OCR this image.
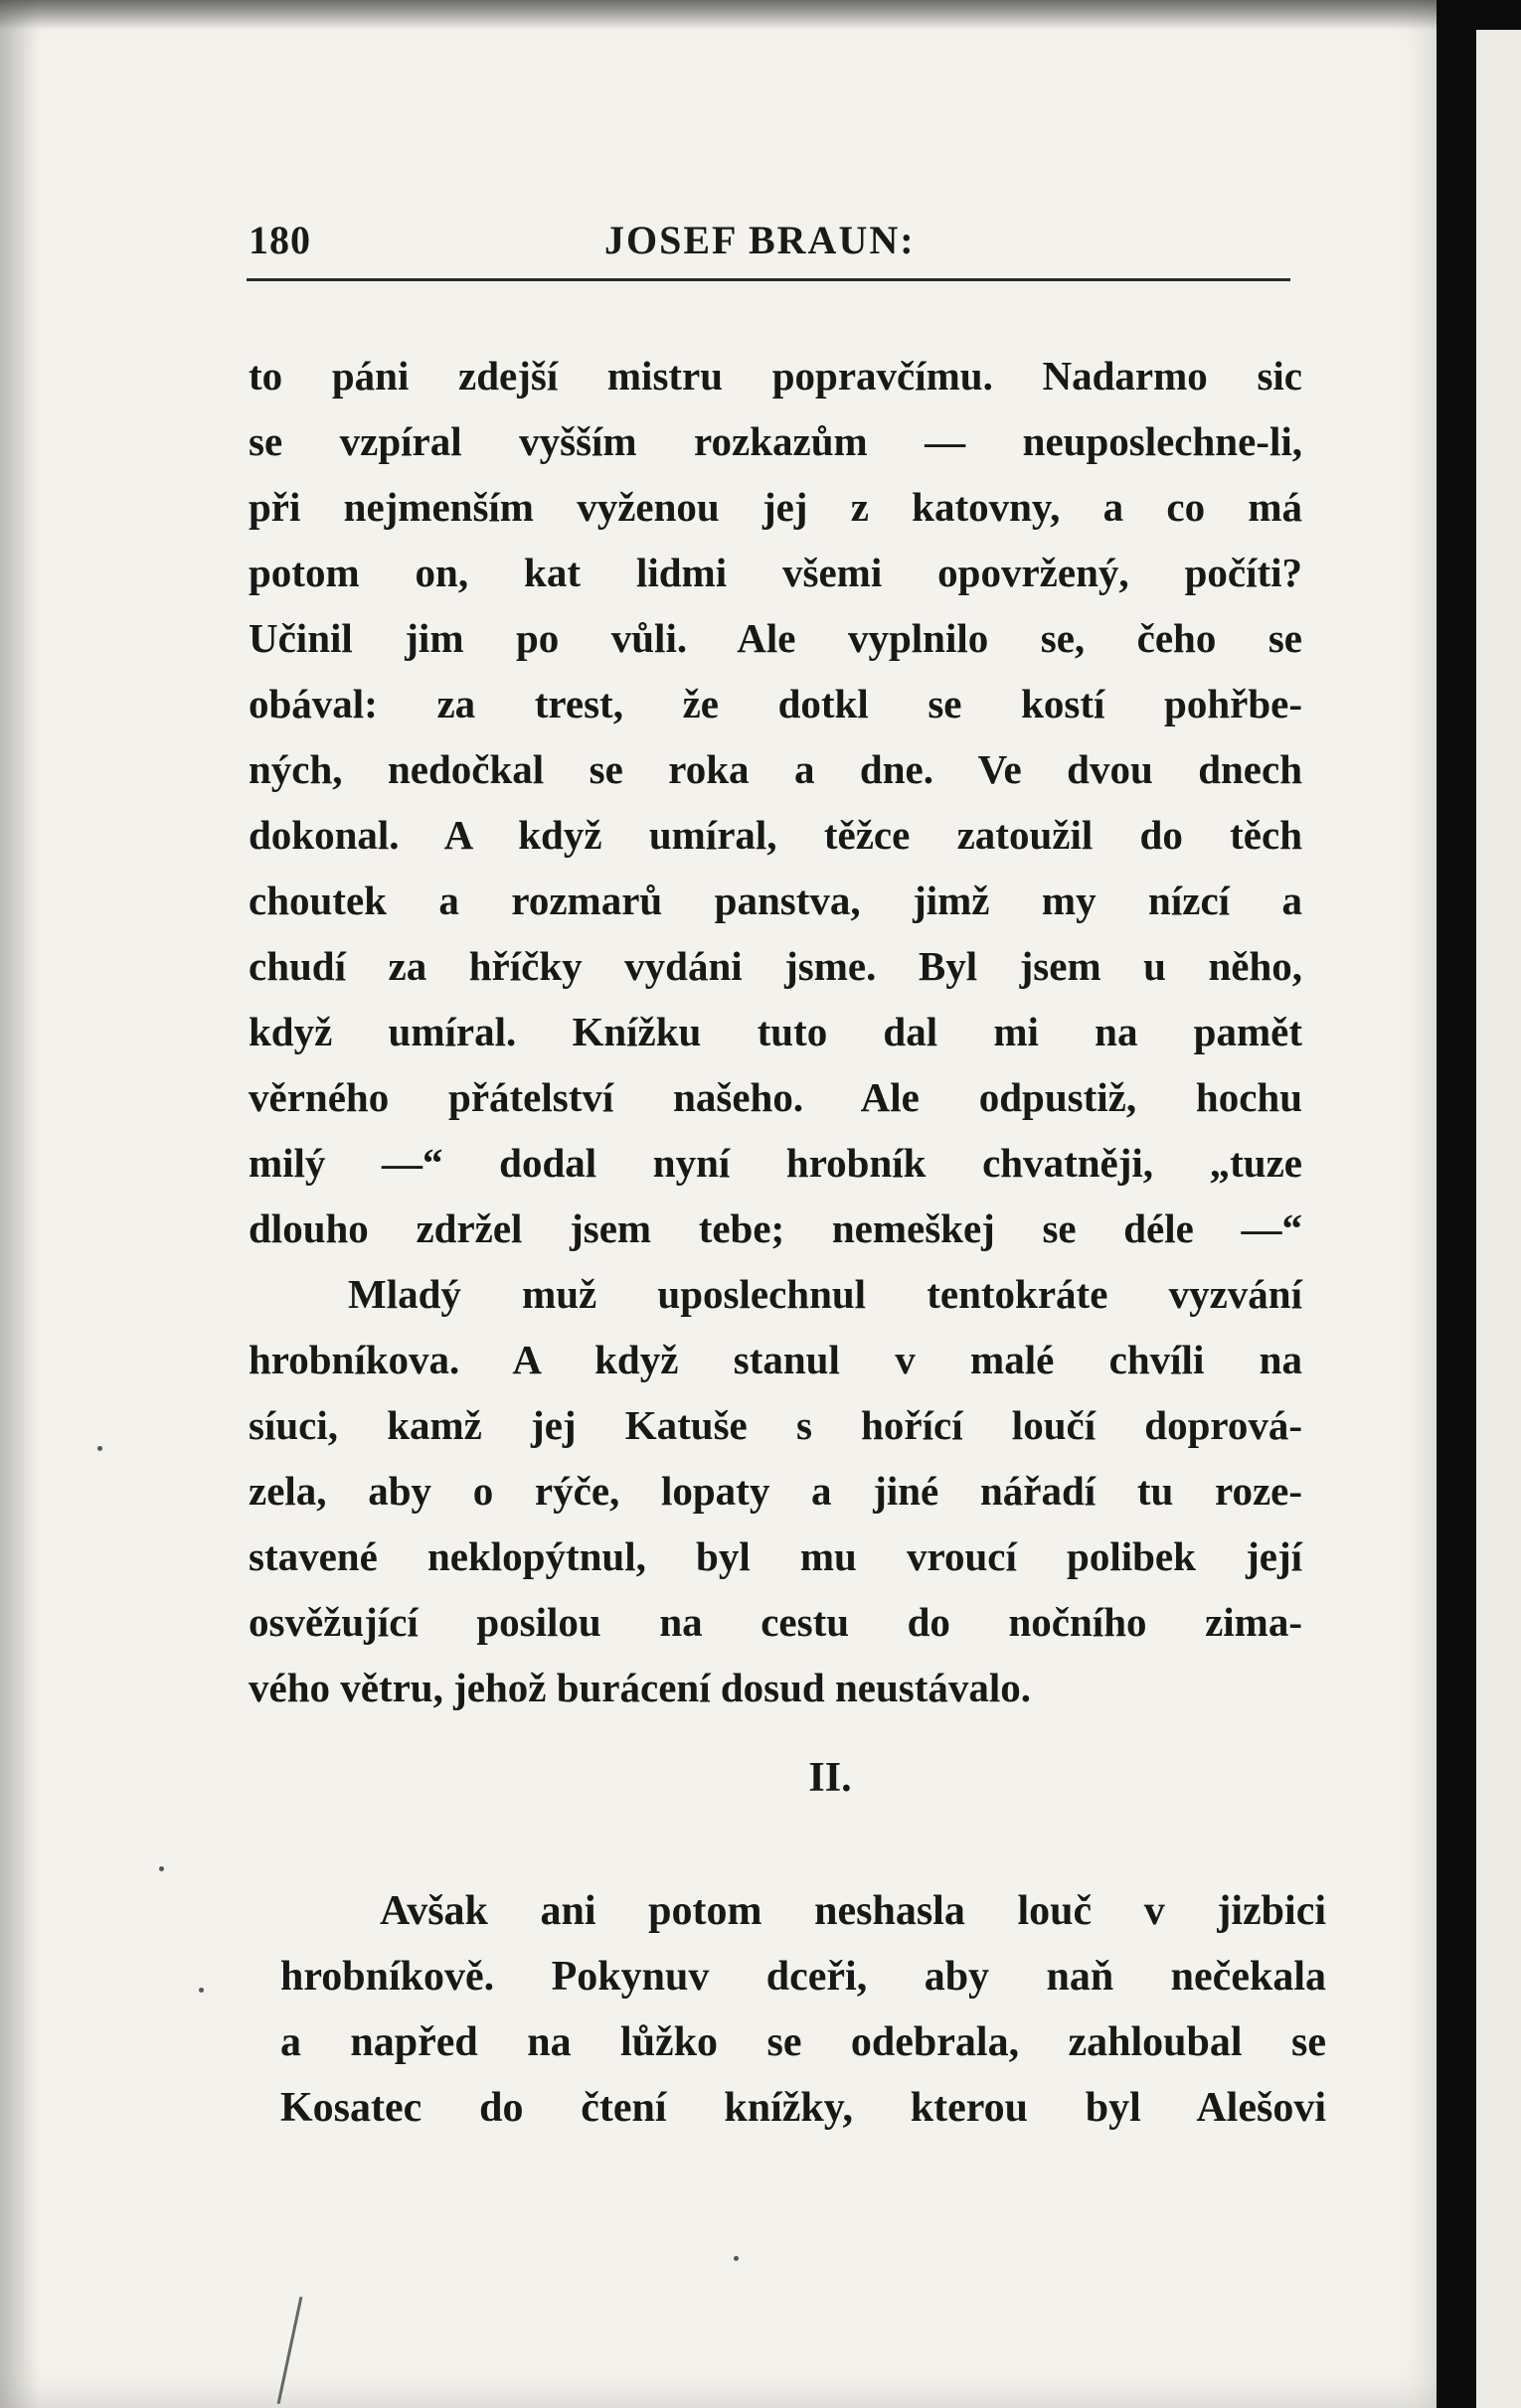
180	JOSEF BRAUN:
to páni zdejší mistru popravčímu. Nadarmo sic
se vzpíral vyšším rozkazům — neuposlechne-li,
při nejmenším vyženou jej z katovny, a co má
potom on, kat lidmi všemi opovržený, počíti?
Učinil jim po vůli. Ale vyplnilo se, čeho se
obával: za trest, že dotkl se kostí pohřbe-
ných, nedočkal se roka a dne. Ve dvou dnech
dokonal. A když umíral, těžce zatoužil do těch
choutek a rozmarů panstva, jimž my nízcí a
chudí za hříčky vydáni jsme. Byl jsem u něho,
když umíral. Knížku tuto dal mi na pamět
věrného přátelství našeho. Ale odpustiž, hochu
milý —“ dodal nyní hrobník chvatněji, „tuze
dlouho zdržel jsem tebe; nemeškej se déle —“
Mladý muž uposlechnul tentokráte vyzvání
hrobníkova. A když stanul v malé chvíli na
síuci, kamž jej Katuše s hořící loučí doprová-
zela, aby o rýče, lopaty a jiné nářadí tu roze-
stavené neklopýtnul, byl mu vroucí polibek její
osvěžující posilou na cestu do nočního zima-
vého větru, jehož burácení dosud neustávalo.
II.
Avšak ani potom neshasla louč v jizbici
hrobníkově. Pokynuv dceři, aby naň nečekala
a napřed na lůžko se odebrala, zahloubal se
Kosatec do čtení knížky, kterou byl Alešovi
